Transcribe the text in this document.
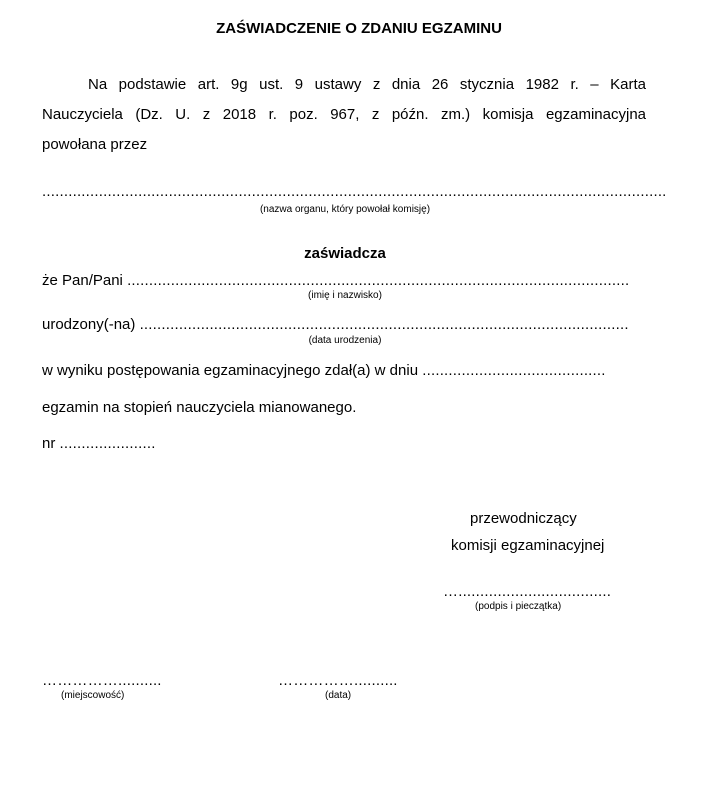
ZAŚWIADCZENIE O ZDANIU EGZAMINU
Na podstawie art. 9g ust. 9 ustawy z dnia 26 stycznia 1982 r. – Karta
Nauczyciela (Dz. U. z 2018 r. poz. 967, z późn. zm.) komisja egzaminacyjna
powołana przez
...............................................................................................................................................
(nazwa organu, który powołał komisję)
zaświadcza
że Pan/Pani ...................................................................................................................
(imię i nazwisko)
urodzony(-na) ................................................................................................................
(data urodzenia)
w wyniku postępowania egzaminacyjnego zdał(a) w dniu ..........................................
egzamin na stopień nauczyciela mianowanego.
nr ......................
przewodniczący
komisji egzaminacyjnej
…...................................
(podpis i pieczątka)
……………..........
(miejscowość)
……………..........
(data)
